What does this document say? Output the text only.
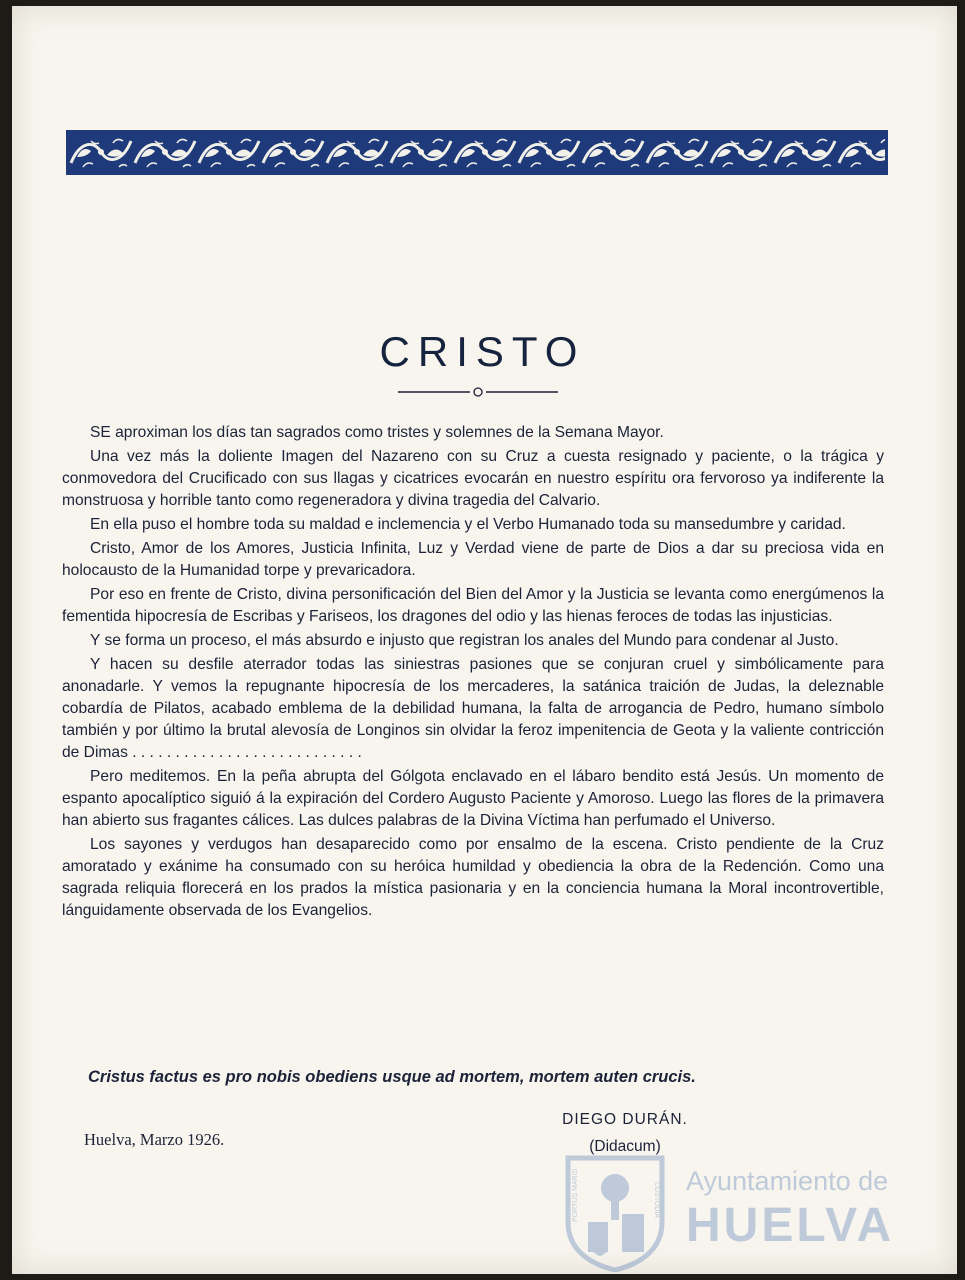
CRISTO

SE aproximan los días tan sagrados como tristes y solemnes de la Semana Mayor.

Una vez más la doliente Imagen del Nazareno con su Cruz a cuesta resignado y paciente, o la trágica y conmovedora del Crucificado con sus llagas y cicatrices evocarán en nuestro espíritu ora fervoroso ya indiferente la monstruosa y horrible tanto como regeneradora y divina tragedia del Calvario.

En ella puso el hombre toda su maldad e inclemencia y el Verbo Humanado toda su mansedumbre y caridad.

Cristo, Amor de los Amores, Justicia Infinita, Luz y Verdad viene de parte de Dios a dar su preciosa vida en holocausto de la Humanidad torpe y prevaricadora.

Por eso en frente de Cristo, divina personificación del Bien del Amor y la Justicia se levanta como energúmenos la fementida hipocresía de Escribas y Fariseos, los dragones del odio y las hienas feroces de todas las injusticias.

Y se forma un proceso, el más absurdo e injusto que registran los anales del Mundo para condenar al Justo.

Y hacen su desfile aterrador todas las siniestras pasiones que se conjuran cruel y simbólicamente para anonadarle. Y vemos la repugnante hipocresía de los mercaderes, la satánica traición de Judas, la deleznable cobardía de Pilatos, acabado emblema de la debilidad humana, la falta de arrogancia de Pedro, humano símbolo también y por último la brutal alevosía de Longinos sin olvidar la feroz impenitencia de Geota y la valiente contricción de Dimas . . . . . . . . . . . . . . . . . . . . . . . . . . .

Pero meditemos. En la peña abrupta del Gólgota enclavado en el lábaro bendito está Jesús. Un momento de espanto apocalíptico siguió á la expiración del Cordero Augusto Paciente y Amoroso. Luego las flores de la primavera han abierto sus fragantes cálices. Las dulces palabras de la Divina Víctima han perfumado el Universo.

Los sayones y verdugos han desaparecido como por ensalmo de la escena. Cristo pendiente de la Cruz amoratado y exánime ha consumado con su heróica humildad y obediencia la obra de la Redención. Como una sagrada reliquia florecerá en los prados la mística pasionaria y en la conciencia humana la Moral incontrovertible, lánguidamente observada de los Evangelios.

Cristus factus es pro nobis obediens usque ad mortem, mortem auten crucis.
DIEGO DURÁN.
(Didacum)
Huelva, Marzo 1926.
PORTUS MARIS	CUSTODIA
Ayuntamiento de
HUELVA
